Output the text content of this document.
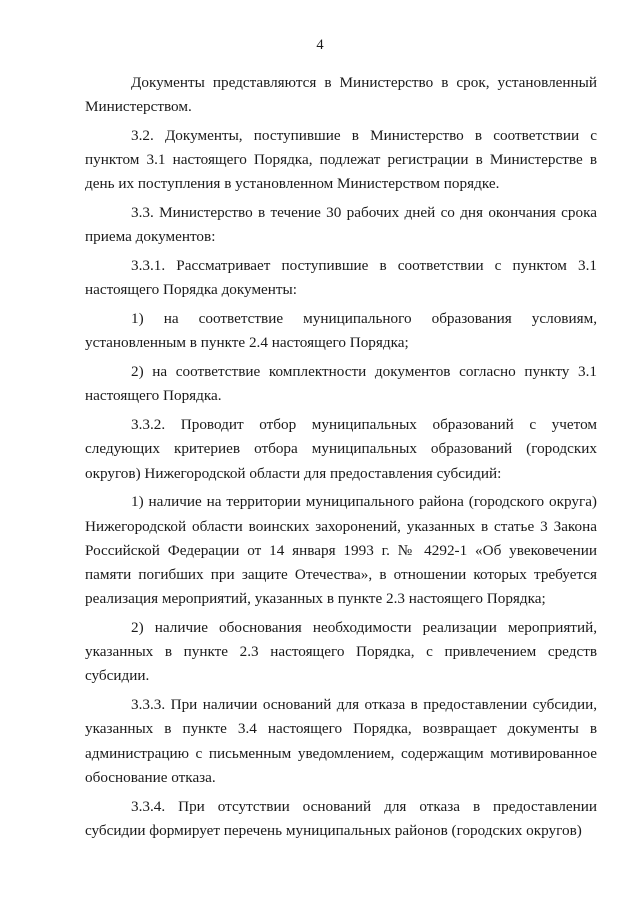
4

Документы представляются в Министерство в срок, установленный Министерством.

3.2. Документы, поступившие в Министерство в соответствии с пунктом 3.1 настоящего Порядка, подлежат регистрации в Министерстве в день их поступления в установленном Министерством порядке.

3.3. Министерство в течение 30 рабочих дней со дня окончания срока приема документов:

3.3.1. Рассматривает поступившие в соответствии с пунктом 3.1 настоящего Порядка документы:

1) на соответствие муниципального образования условиям, установленным в пункте 2.4 настоящего Порядка;

2) на соответствие комплектности документов согласно пункту 3.1 настоящего Порядка.

3.3.2. Проводит отбор муниципальных образований с учетом следующих критериев отбора муниципальных образований (городских округов) Нижегородской области для предоставления субсидий:

1) наличие на территории муниципального района (городского округа) Нижегородской области воинских захоронений, указанных в статье 3 Закона Российской Федерации от 14 января 1993 г. № 4292-1 «Об увековечении памяти погибших при защите Отечества», в отношении которых требуется реализация мероприятий, указанных в пункте 2.3 настоящего Порядка;

2) наличие обоснования необходимости реализации мероприятий, указанных в пункте 2.3 настоящего Порядка, с привлечением средств субсидии.

3.3.3. При наличии оснований для отказа в предоставлении субсидии, указанных в пункте 3.4 настоящего Порядка, возвращает документы в администрацию с письменным уведомлением, содержащим мотивированное обоснование отказа.

3.3.4. При отсутствии оснований для отказа в предоставлении субсидии формирует перечень муниципальных районов (городских округов)
